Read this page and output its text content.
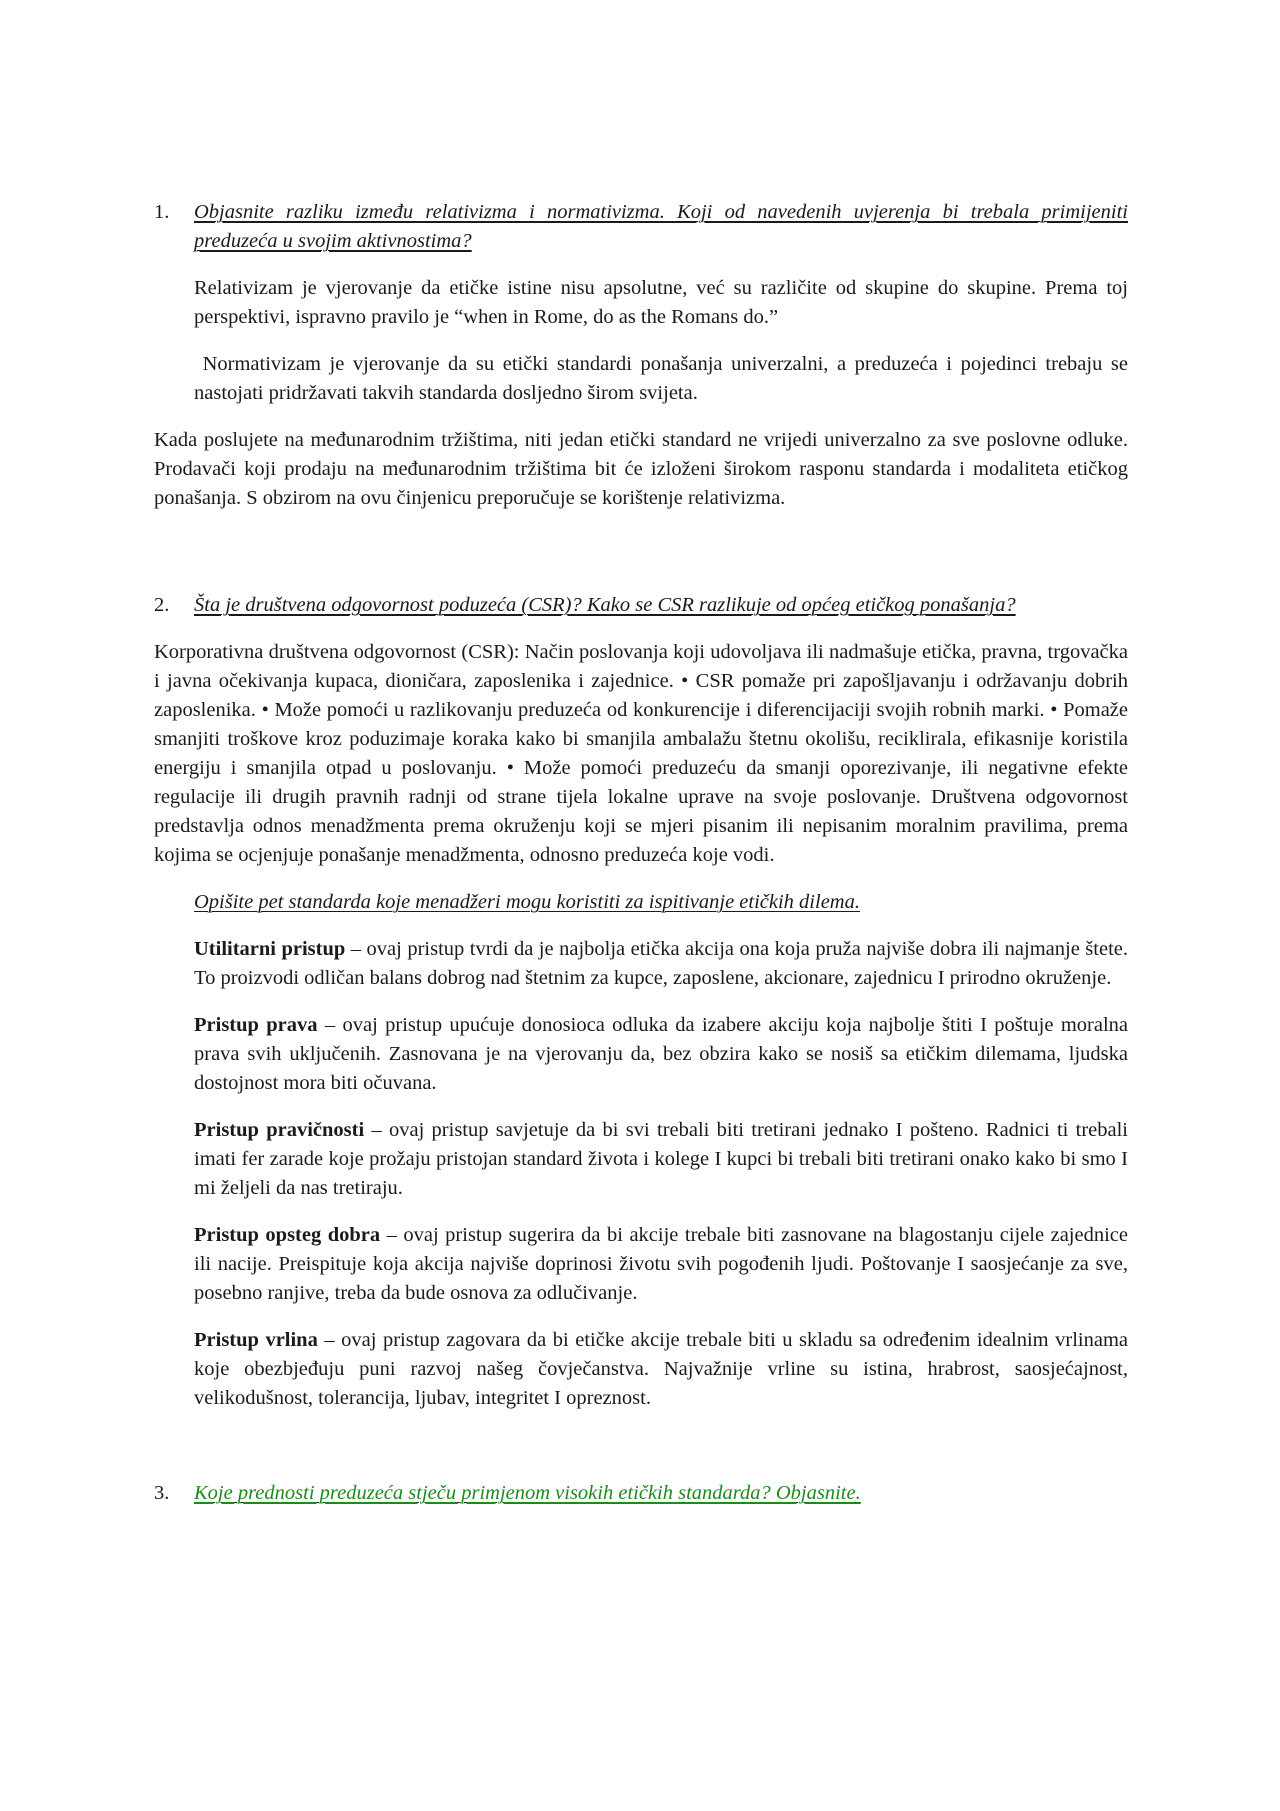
1. Objasnite razliku između relativizma i normativizma. Koji od navedenih uvjerenja bi trebala primijeniti preduzeća u svojim aktivnostima?

Relativizam je vjerovanje da etičke istine nisu apsolutne, već su različite od skupine do skupine. Prema toj perspektivi, ispravno pravilo je “when in Rome, do as the Romans do.”

Normativizam je vjerovanje da su etički standardi ponašanja univerzalni, a preduzeća i pojedinci trebaju se nastojati pridržavati takvih standarda dosljedno širom svijeta.

Kada poslujete na međunarodnim tržištima, niti jedan etički standard ne vrijedi univerzalno za sve poslovne odluke. Prodavači koji prodaju na međunarodnim tržištima bit će izloženi širokom rasponu standarda i modaliteta etičkog ponašanja. S obzirom na ovu činjenicu preporučuje se korištenje relativizma.

2. Šta je društvena odgovornost poduzeća (CSR)? Kako se CSR razlikuje od općeg etičkog ponašanja?

Korporativna društvena odgovornost (CSR): Način poslovanja koji udovoljava ili nadmašuje etička, pravna, trgovačka i javna očekivanja kupaca, dioničara, zaposlenika i zajednice. • CSR pomaže pri zapošljavanju i održavanju dobrih zaposlenika. • Može pomoći u razlikovanju preduzeća od konkurencije i diferencijaciji svojih robnih marki. • Pomaže smanjiti troškove kroz poduzimaje koraka kako bi smanjila ambalažu štetnu okolišu, reciklirala, efikasnije koristila energiju i smanjila otpad u poslovanju. • Može pomoći preduzeću da smanji oporezivanje, ili negativne efekte regulacije ili drugih pravnih radnji od strane tijela lokalne uprave na svoje poslovanje. Društvena odgovornost predstavlja odnos menadžmenta prema okruženju koji se mjeri pisanim ili nepisanim moralnim pravilima, prema kojima se ocjenjuje ponašanje menadžmenta, odnosno preduzeća koje vodi.

Opišite pet standarda koje menadžeri mogu koristiti za ispitivanje etičkih dilema.

Utilitarni pristup – ovaj pristup tvrdi da je najbolja etička akcija ona koja pruža najviše dobra ili najmanje štete. To proizvodi odličan balans dobrog nad štetnim za kupce, zaposlene, akcionare, zajednicu I prirodno okruženje.

Pristup prava – ovaj pristup upućuje donosioca odluka da izabere akciju koja najbolje štiti I poštuje moralna prava svih uključenih. Zasnovana je na vjerovanju da, bez obzira kako se nosiš sa etičkim dilemama, ljudska dostojnost mora biti očuvana.

Pristup pravičnosti – ovaj pristup savjetuje da bi svi trebali biti tretirani jednako I pošteno. Radnici ti trebali imati fer zarade koje prožaju pristojan standard života i kolege I kupci bi trebali biti tretirani onako kako bi smo I mi željeli da nas tretiraju.

Pristup opsteg dobra – ovaj pristup sugerira da bi akcije trebale biti zasnovane na blagostanju cijele zajednice ili nacije. Preispituje koja akcija najviše doprinosi životu svih pogođenih ljudi. Poštovanje I saosjećanje za sve, posebno ranjive, treba da bude osnova za odlučivanje.

Pristup vrlina – ovaj pristup zagovara da bi etičke akcije trebale biti u skladu sa određenim idealnim vrlinama koje obezbjeđuju puni razvoj našeg čovječanstva. Najvažnije vrline su istina, hrabrost, saosjećajnost, velikodušnost, tolerancija, ljubav, integritet I opreznost.

3. Koje prednosti preduzeća stječu primjenom visokih etičkih standarda? Objasnite.
